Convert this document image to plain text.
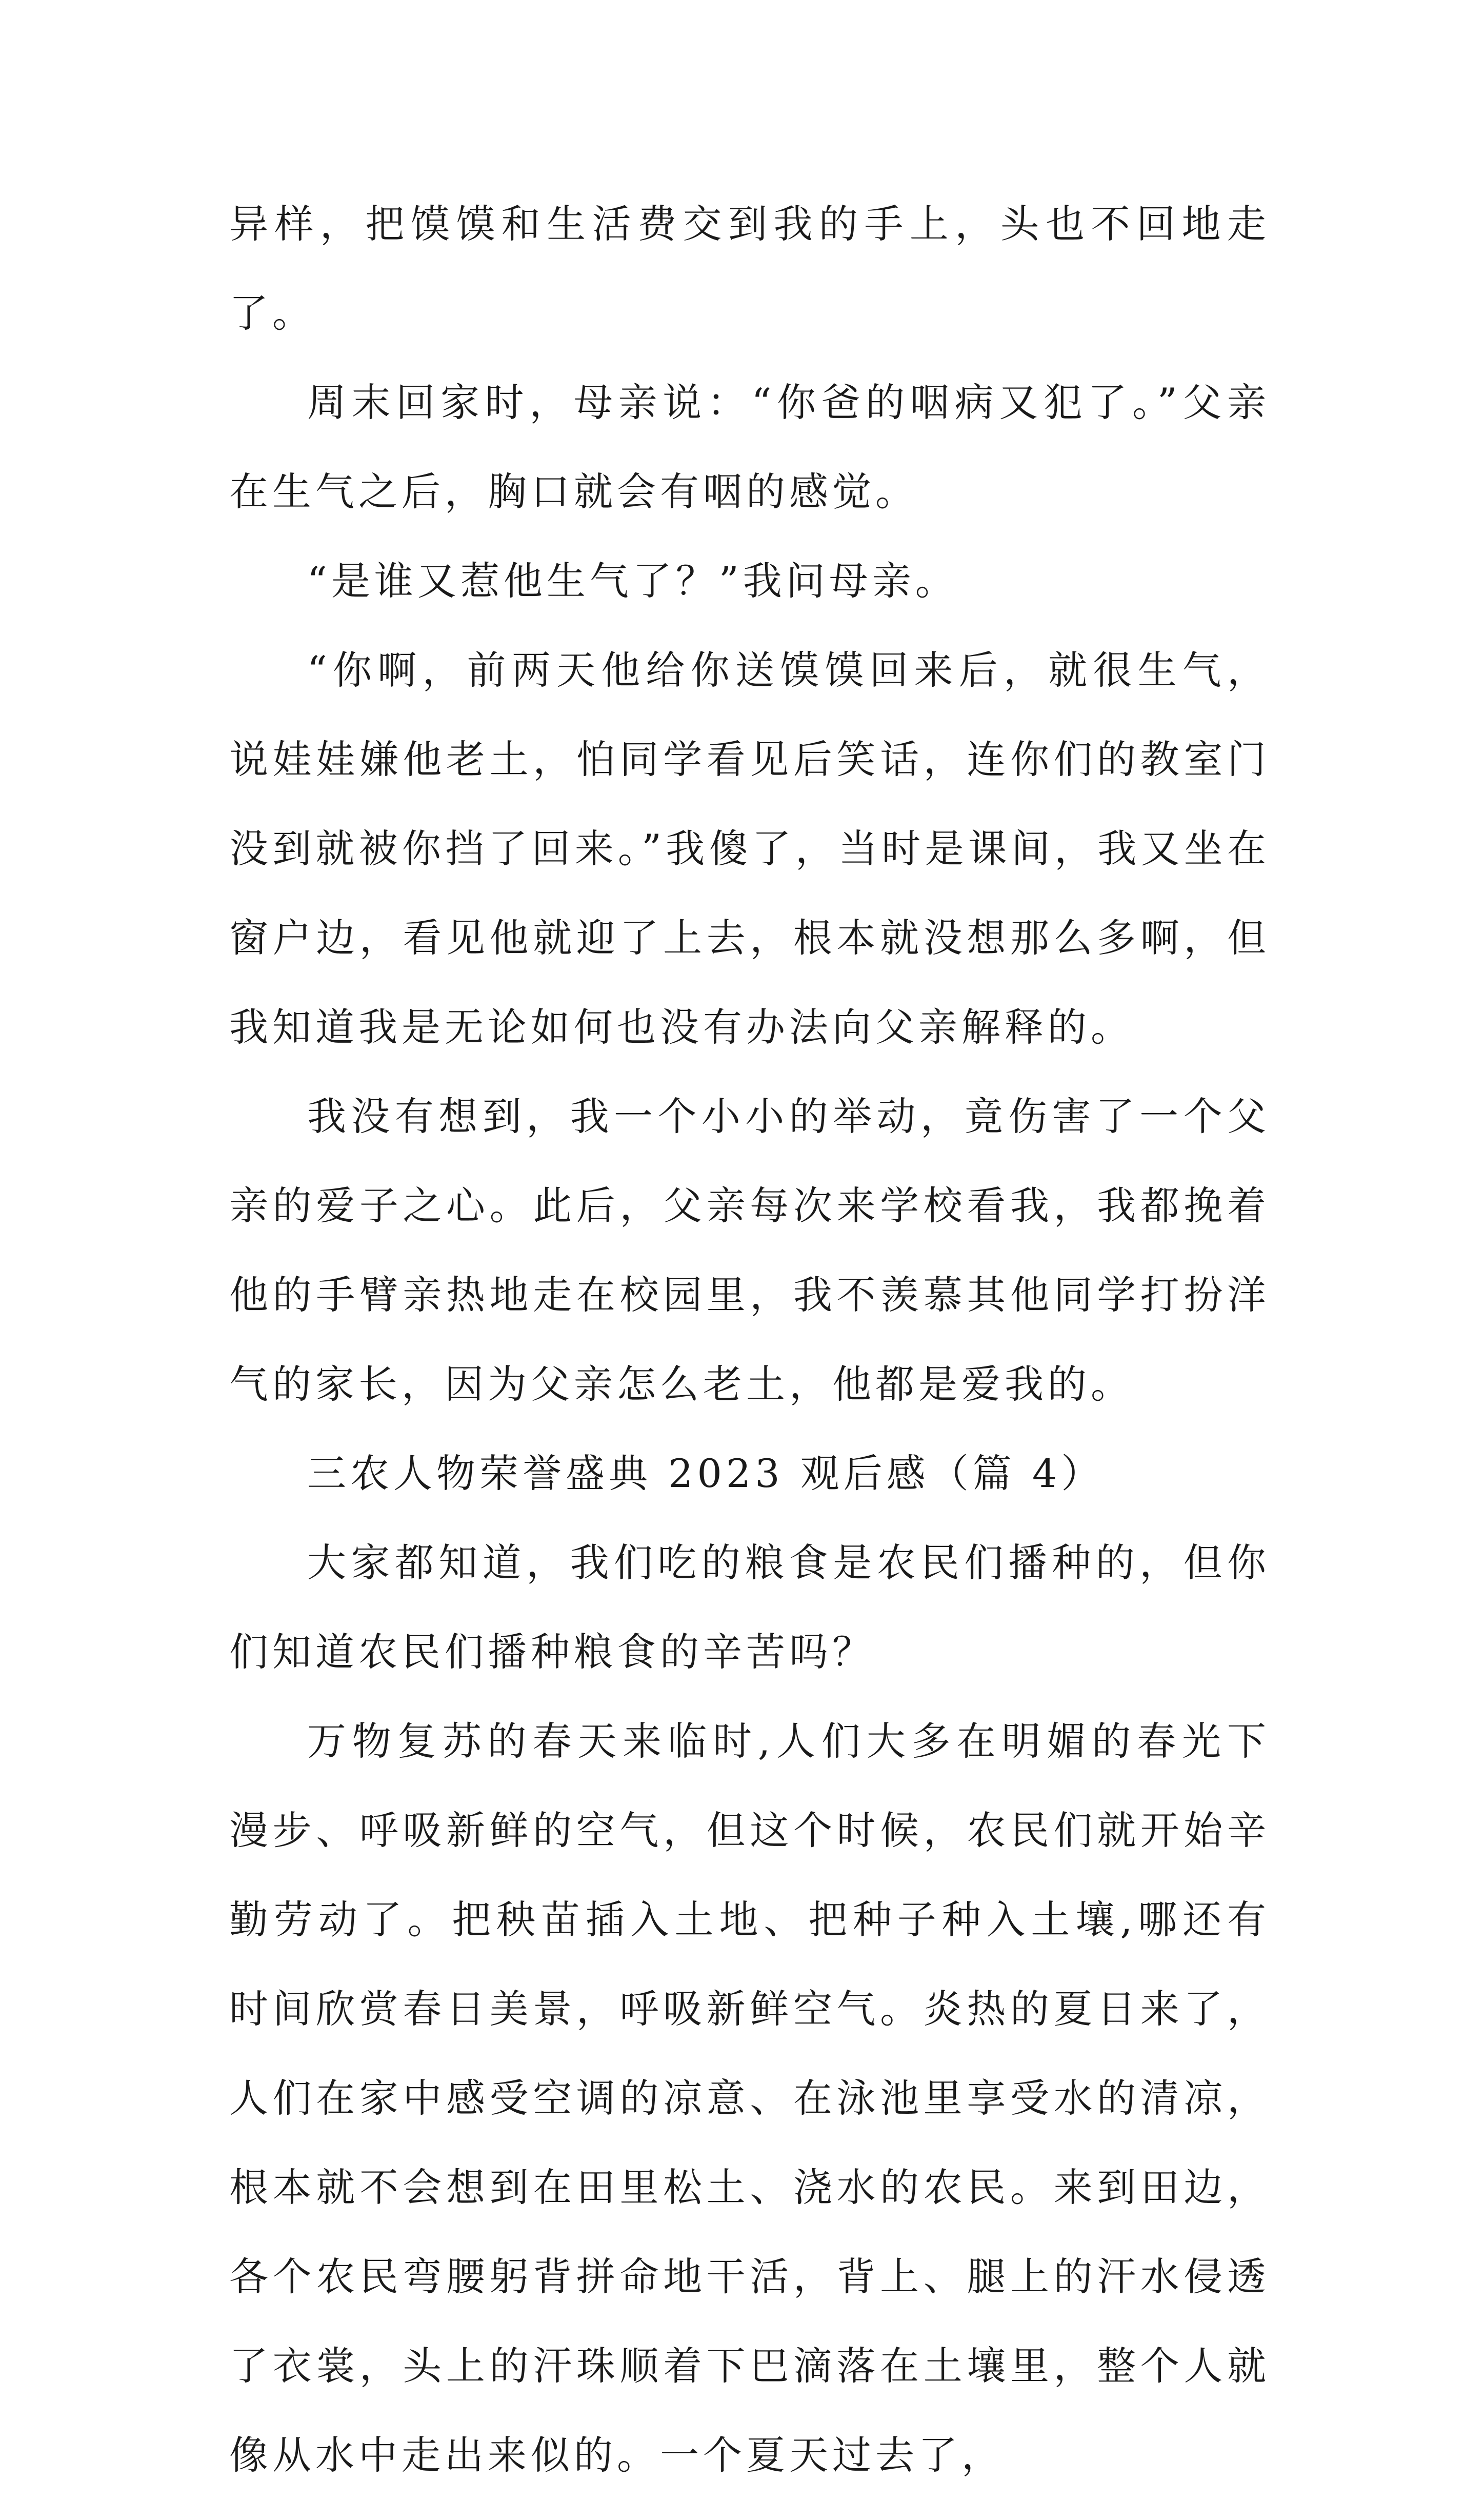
异样，把馍馍和生活费交到我的手上，头也不回地走了。

周末回家时，母亲说：“你爸的咽病又犯了。”父亲在生气之后，胸口就会有咽的感觉。

“是谁又惹他生气了？”我问母亲。

“你啊，前两天他给你送馍馍回来后，就很生气，说娃娃嫌他老土，怕同学看见后笑话，连你们的教室门没到就被你挡了回来。”我傻了，当时是课间，我又坐在窗户边，看见他就迎了上去，根本就没想那么多啊，但我知道我是无论如何也没有办法向父亲解释的。

我没有想到，我一个小小的举动，竟伤害了一个父亲的爱子之心。此后，父亲每次来学校看我，我都挽着他的手臂亲热地走在校园里，我不羡慕其他同学打扮洋气的家长，因为父亲怎么老土，他都是爱我的。

三农人物荣誉盛典 2023 观后感（篇 4）

大家都知道，我们吃的粮食是农民们播种的，但你们知道农民们播种粮食的辛苦吗？

万物复苏的春天来临时,人们大多在明媚的春光下漫步、呼吸新鲜的空气，但这个时候，农民们就开始辛勤劳动了。把秧苗插入土地、把种子种入土壤,哪还有时间欣赏春日美景，呼吸新鲜空气。炎热的夏日来了，人们在家中感受空调的凉意、在泳池里享受水的清凉，根本就不会想到在田里松土、浇水的农民。来到田边，各个农民弯腰躬背拼命地干活，背上、腿上的汗水侵透了衣裳，头上的汗珠顺着下巴滴落在土壤里，整个人就像从水中走出来似的。一个夏天过去了，
